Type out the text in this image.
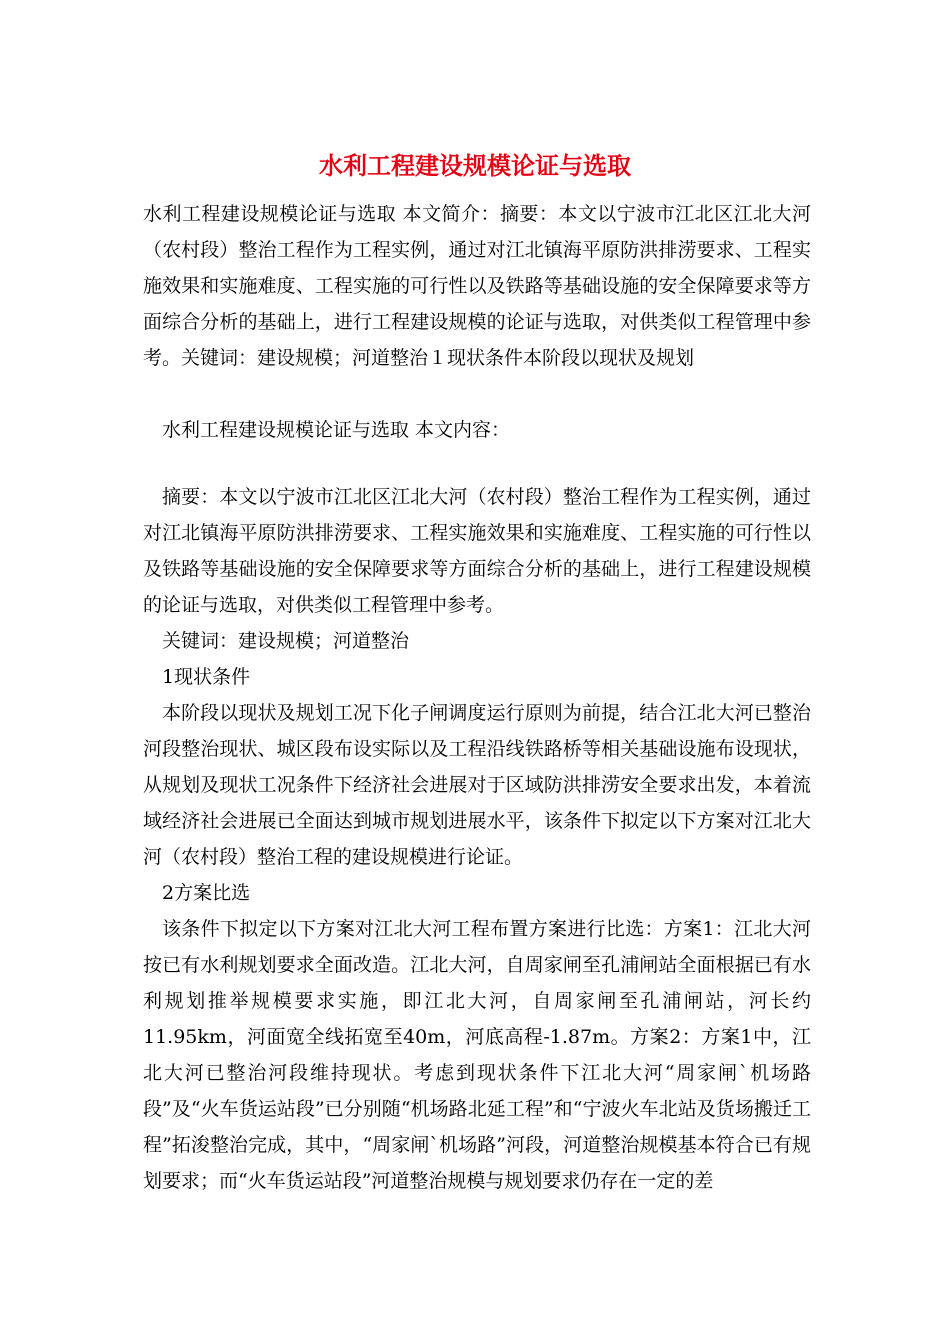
水利工程建设规模论证与选取

水利工程建设规模论证与选取 本文简介：摘要：本文以宁波市江北区江北大河（农村段）整治工程作为工程实例，通过对江北镇海平原防洪排涝要求、工程实施效果和实施难度、工程实施的可行性以及铁路等基础设施的安全保障要求等方面综合分析的基础上，进行工程建设规模的论证与选取，对供类似工程管理中参考。关键词：建设规模；河道整治１现状条件本阶段以现状及规划

水利工程建设规模论证与选取 本文内容：

摘要：本文以宁波市江北区江北大河（农村段）整治工程作为工程实例，通过对江北镇海平原防洪排涝要求、工程实施效果和实施难度、工程实施的可行性以及铁路等基础设施的安全保障要求等方面综合分析的基础上，进行工程建设规模的论证与选取，对供类似工程管理中参考。

关键词：建设规模；河道整治

1现状条件

本阶段以现状及规划工况下化子闸调度运行原则为前提，结合江北大河已整治河段整治现状、城区段布设实际以及工程沿线铁路桥等相关基础设施布设现状，从规划及现状工况条件下经济社会进展对于区域防洪排涝安全要求出发，本着流域经济社会进展已全面达到城市规划进展水平，该条件下拟定以下方案对江北大河（农村段）整治工程的建设规模进行论证。

2方案比选

该条件下拟定以下方案对江北大河工程布置方案进行比选：方案1：江北大河按已有水利规划要求全面改造。江北大河，自周家闸至孔浦闸站全面根据已有水利规划推举规模要求实施，即江北大河，自周家闸至孔浦闸站，河长约11.95km，河面宽全线拓宽至40m，河底高程-1.87m。方案2：方案1中，江北大河已整治河段维持现状。考虑到现状条件下江北大河“周家闸`机场路段”及“火车货运站段”已分别随“机场路北延工程”和“宁波火车北站及货场搬迁工程”拓浚整治完成，其中，“周家闸`机场路”河段，河道整治规模基本符合已有规划要求；而“火车货运站段”河道整治规模与规划要求仍存在一定的差
